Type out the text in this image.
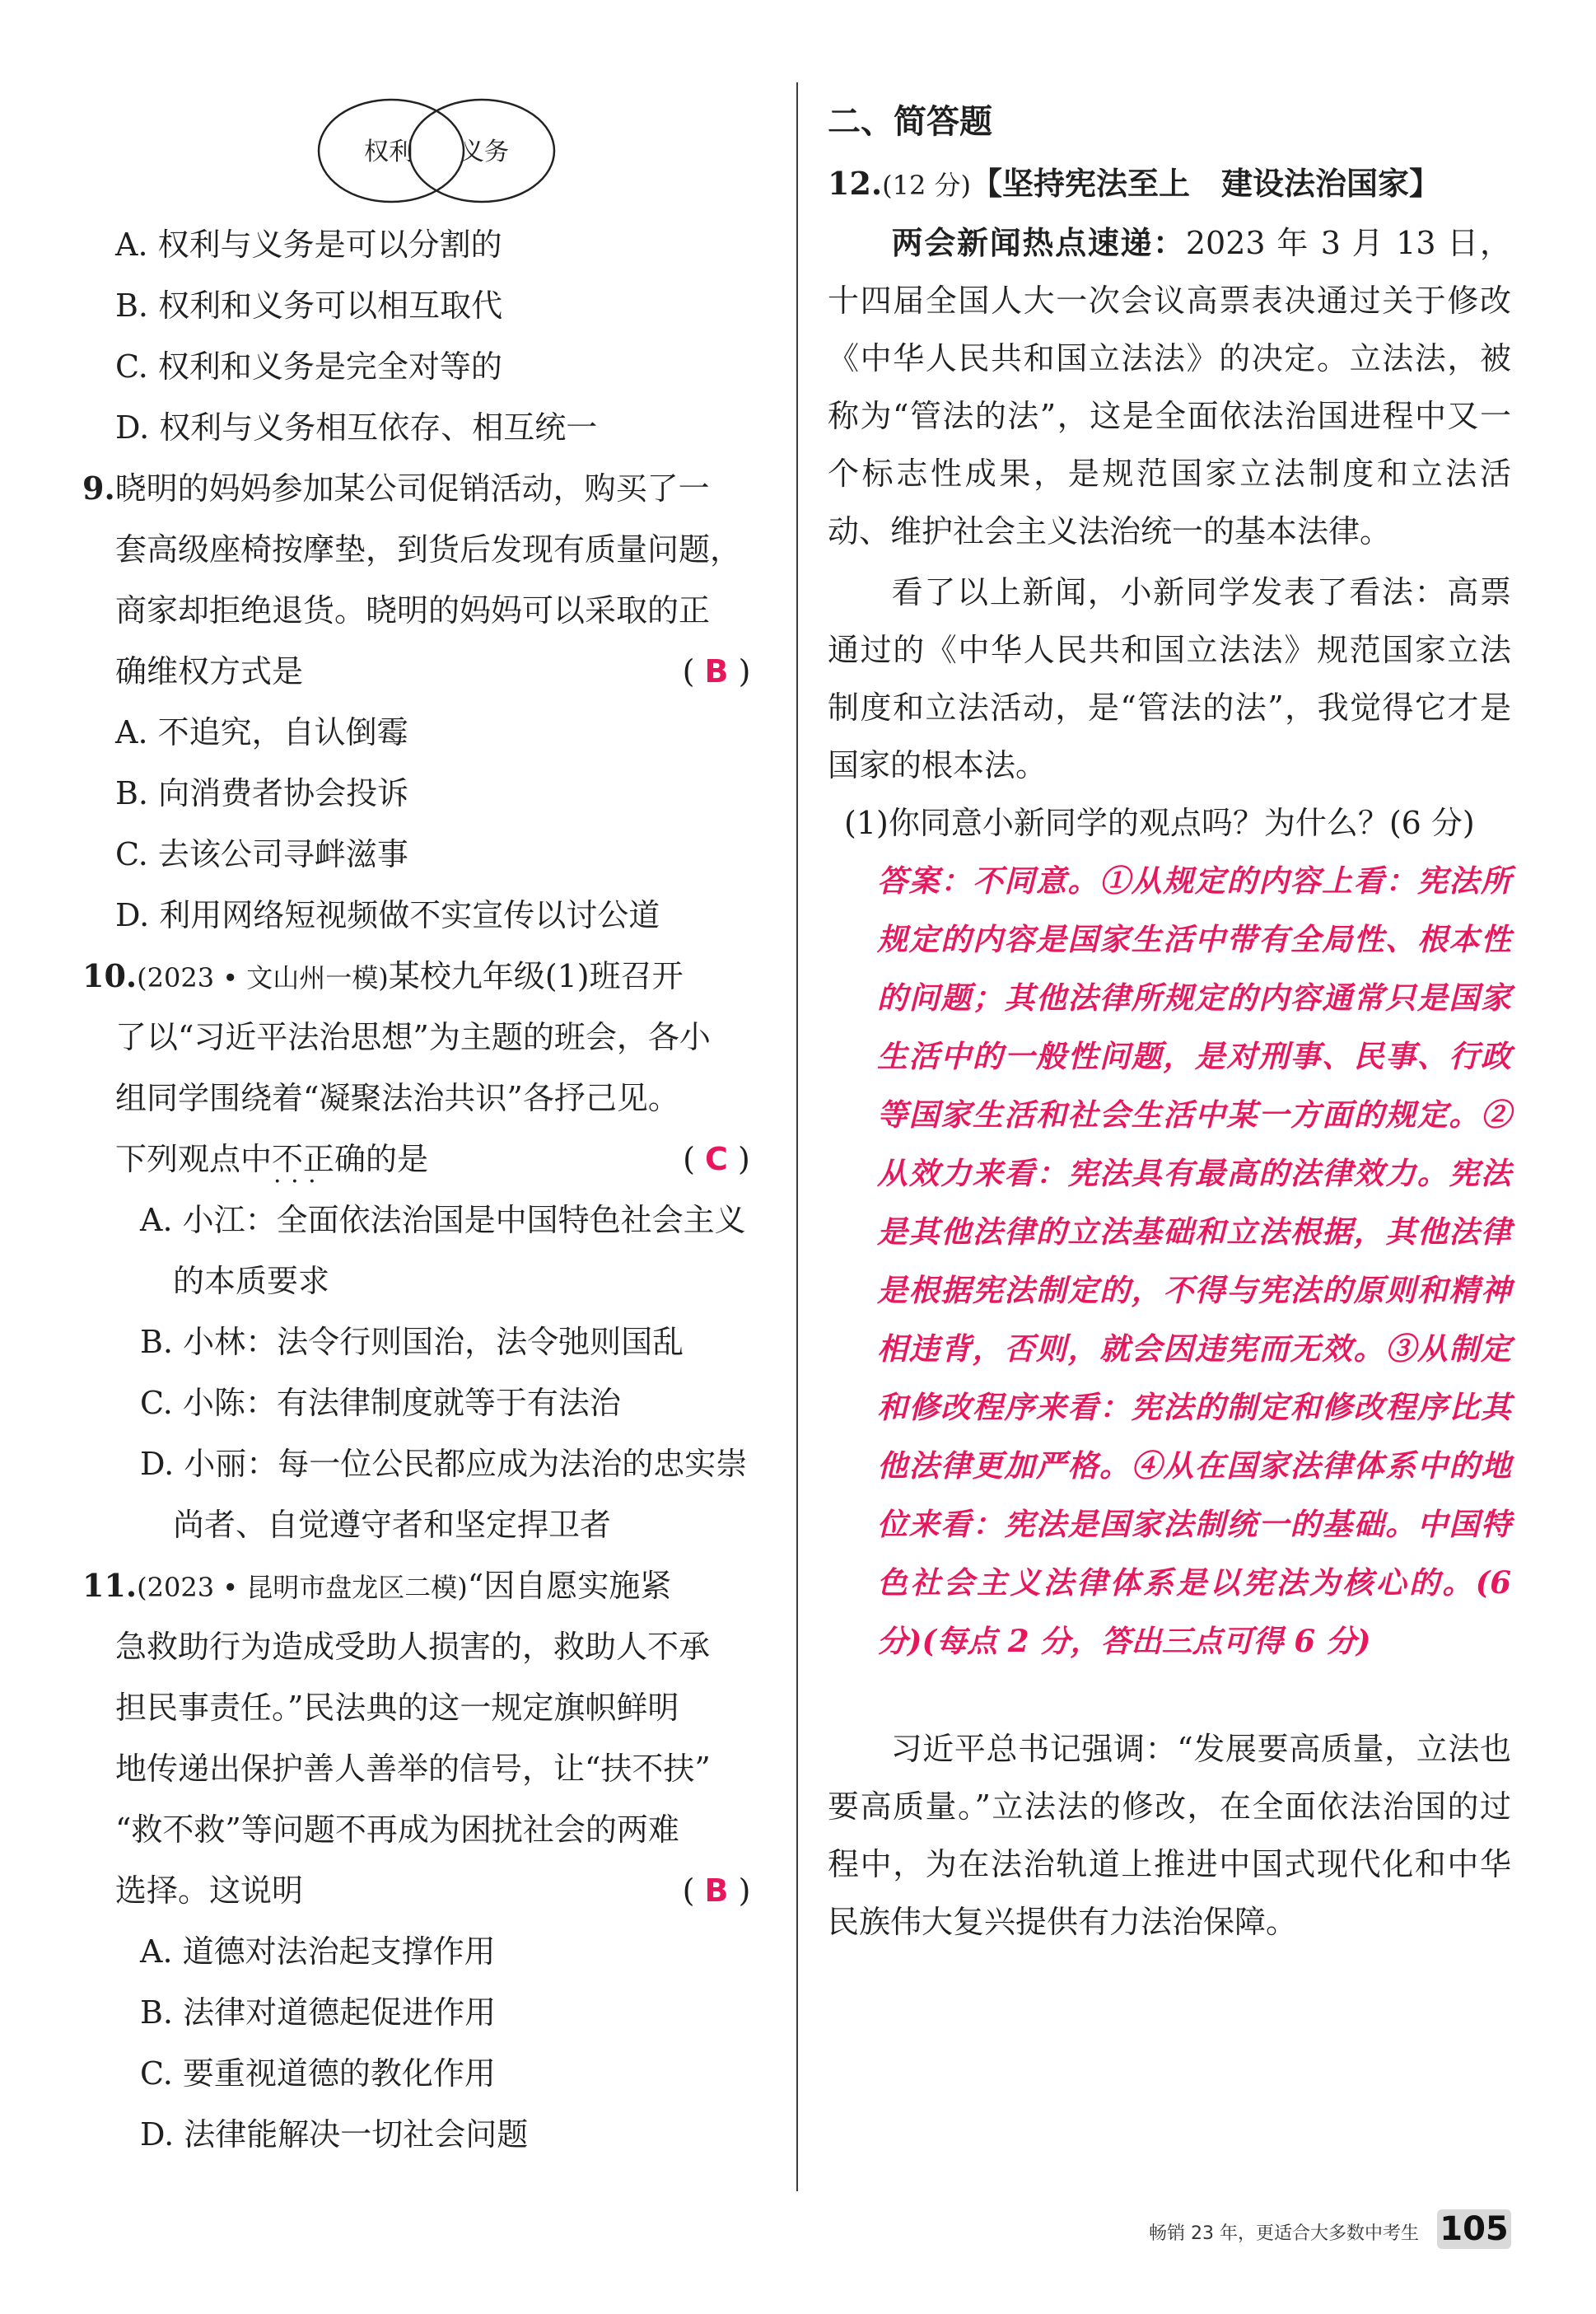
权利 义务
A. 权利与义务是可以分割的
B. 权利和义务可以相互取代
C. 权利和义务是完全对等的
D. 权利与义务相互依存、相互统一
9.晓明的妈妈参加某公司促销活动，购买了一
套高级座椅按摩垫，到货后发现有质量问题，
商家却拒绝退货。晓明的妈妈可以采取的正
确维权方式是	( B )
A. 不追究，自认倒霉
B. 向消费者协会投诉
C. 去该公司寻衅滋事
D. 利用网络短视频做不实宣传以讨公道
10.(2023 • 文山州一模)某校九年级(1)班召开
了以“习近平法治思想”为主题的班会，各小
组同学围绕着“凝聚法治共识”各抒己见。
下列观点中不正确 · · ·的是	( C )
A. 小江：全面依法治国是中国特色社会主义
的本质要求
B. 小林：法令行则国治，法令弛则国乱
C. 小陈：有法律制度就等于有法治
D. 小丽：每一位公民都应成为法治的忠实崇
尚者、自觉遵守者和坚定捍卫者
11.(2023 • 昆明市盘龙区二模)“因自愿实施紧
急救助行为造成受助人损害的，救助人不承
担民事责任。”民法典的这一规定旗帜鲜明
地传递出保护善人善举的信号，让“扶不扶”
“救不救”等问题不再成为困扰社会的两难
选择。这说明	( B )
A. 道德对法治起支撑作用
B. 法律对道德起促进作用
C. 要重视道德的教化作用
D. 法律能解决一切社会问题
二、简答题
12.(12 分)【坚持宪法至上　建设法治国家】
两会新闻热点速递：2023 年 3 月 13 日，十四届全国人大一次会议高票表决通过关于修改《中华人民共和国立法法》的决定。立法法，被称为“管法的法”，这是全面依法治国进程中又一个标志性成果，是规范国家立法制度和立法活动、维护社会主义法治统一的基本法律。
看了以上新闻，小新同学发表了看法：高票通过的《中华人民共和国立法法》规范国家立法制度和立法活动，是“管法的法”，我觉得它才是国家的根本法。
(1)你同意小新同学的观点吗？为什么？(6 分)
答案：不同意。①从规定的内容上看：宪法所规定的内容是国家生活中带有全局性、根本性的问题；其他法律所规定的内容通常只是国家生活中的一般性问题，是对刑事、民事、行政等国家生活和社会生活中某一方面的规定。②从效力来看：宪法具有最高的法律效力。宪法是其他法律的立法基础和立法根据，其他法律是根据宪法制定的，不得与宪法的原则和精神相违背，否则，就会因违宪而无效。③从制定和修改程序来看：宪法的制定和修改程序比其他法律更加严格。④从在国家法律体系中的地位来看：宪法是国家法制统一的基础。中国特色社会主义法律体系是以宪法为核心的。(6 分)(每点 2 分，答出三点可得 6 分)
习近平总书记强调：“发展要高质量，立法也要高质量。”立法法的修改，在全面依法治国的过程中，为在法治轨道上推进中国式现代化和中华民族伟大复兴提供有力法治保障。
畅销 23 年，更适合大多数中考生 105
